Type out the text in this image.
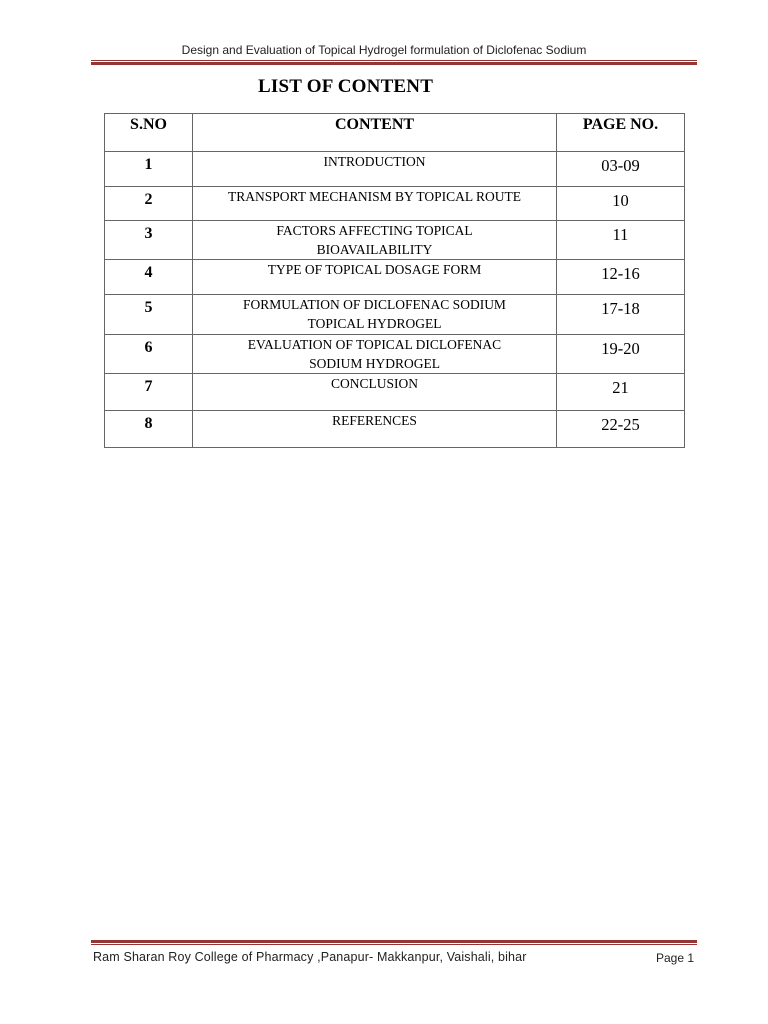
Design and Evaluation of Topical Hydrogel formulation of Diclofenac Sodium
LIST OF CONTENT
S.NO	CONTENT	PAGE NO.
1	INTRODUCTION	03-09
2	TRANSPORT MECHANISM BY TOPICAL ROUTE	10
3	FACTORS AFFECTING TOPICAL
BIOAVAILABILITY	11
4	TYPE OF TOPICAL DOSAGE FORM	12-16
5	FORMULATION OF DICLOFENAC SODIUM
TOPICAL HYDROGEL	17-18
6	EVALUATION OF TOPICAL DICLOFENAC
SODIUM HYDROGEL	19-20
7	CONCLUSION	21
8	REFERENCES	22-25
Ram Sharan Roy College of Pharmacy ,Panapur- Makkanpur, Vaishali, bihar	Page 1
